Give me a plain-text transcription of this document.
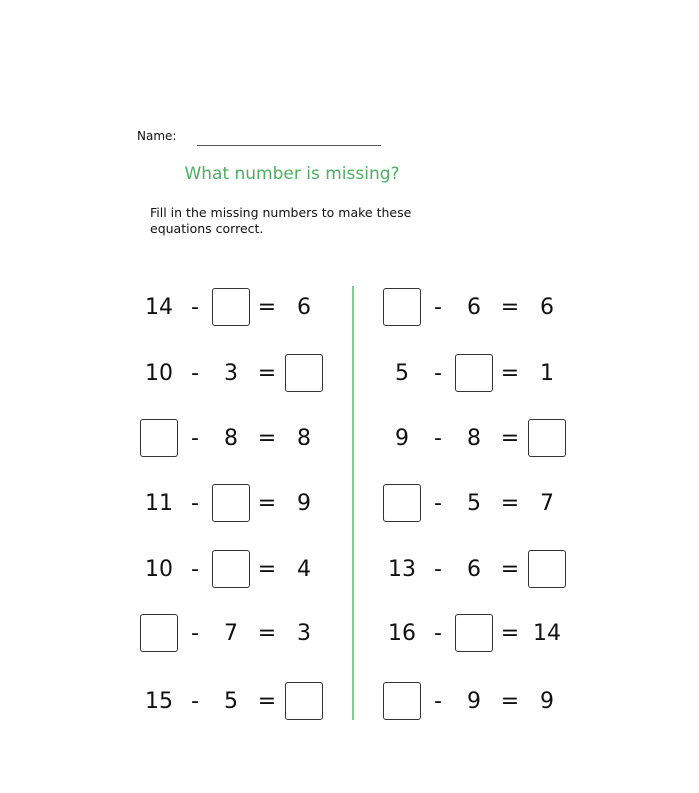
Name:
What number is missing?
Fill in the missing numbers to make these
equations correct.
14 -	= 6
10 -	3 =
-	8 = 8
11 -	= 9
10 -	= 4
-	7 = 3
15 -	5 =
-	6 = 6
5	-	= 1
9	-	8 =
-	5 = 7
13 -	6 =
16 -	= 14
-	9 = 9
